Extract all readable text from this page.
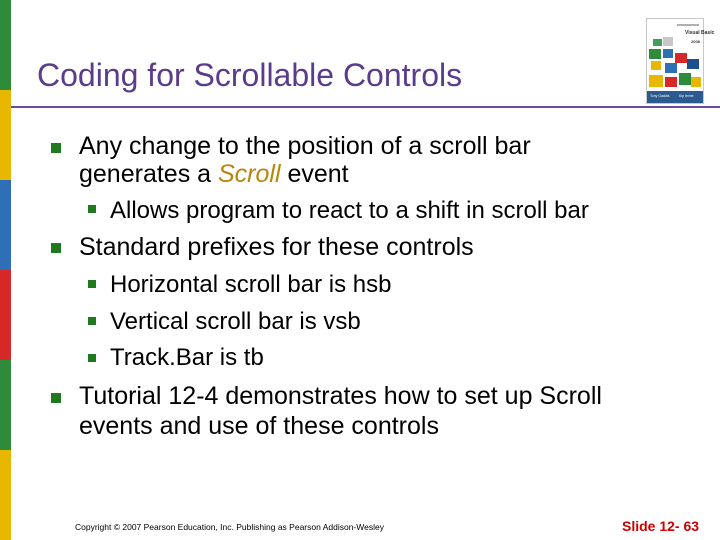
Coding for Scrollable Controls
Visual Basic
2008
Tony Gaddis	Kip Irvine
Any change to the position of a scroll bar
generates a Scroll event
Allows program to react to a shift in scroll bar
Standard prefixes for these controls
Horizontal scroll bar is hsb
Vertical scroll bar is vsb
Track.Bar is tb
Tutorial 12-4 demonstrates how to set up Scroll
events and use of these controls
Copyright © 2007 Pearson Education, Inc. Publishing as Pearson Addison-Wesley	Slide 12- 63
